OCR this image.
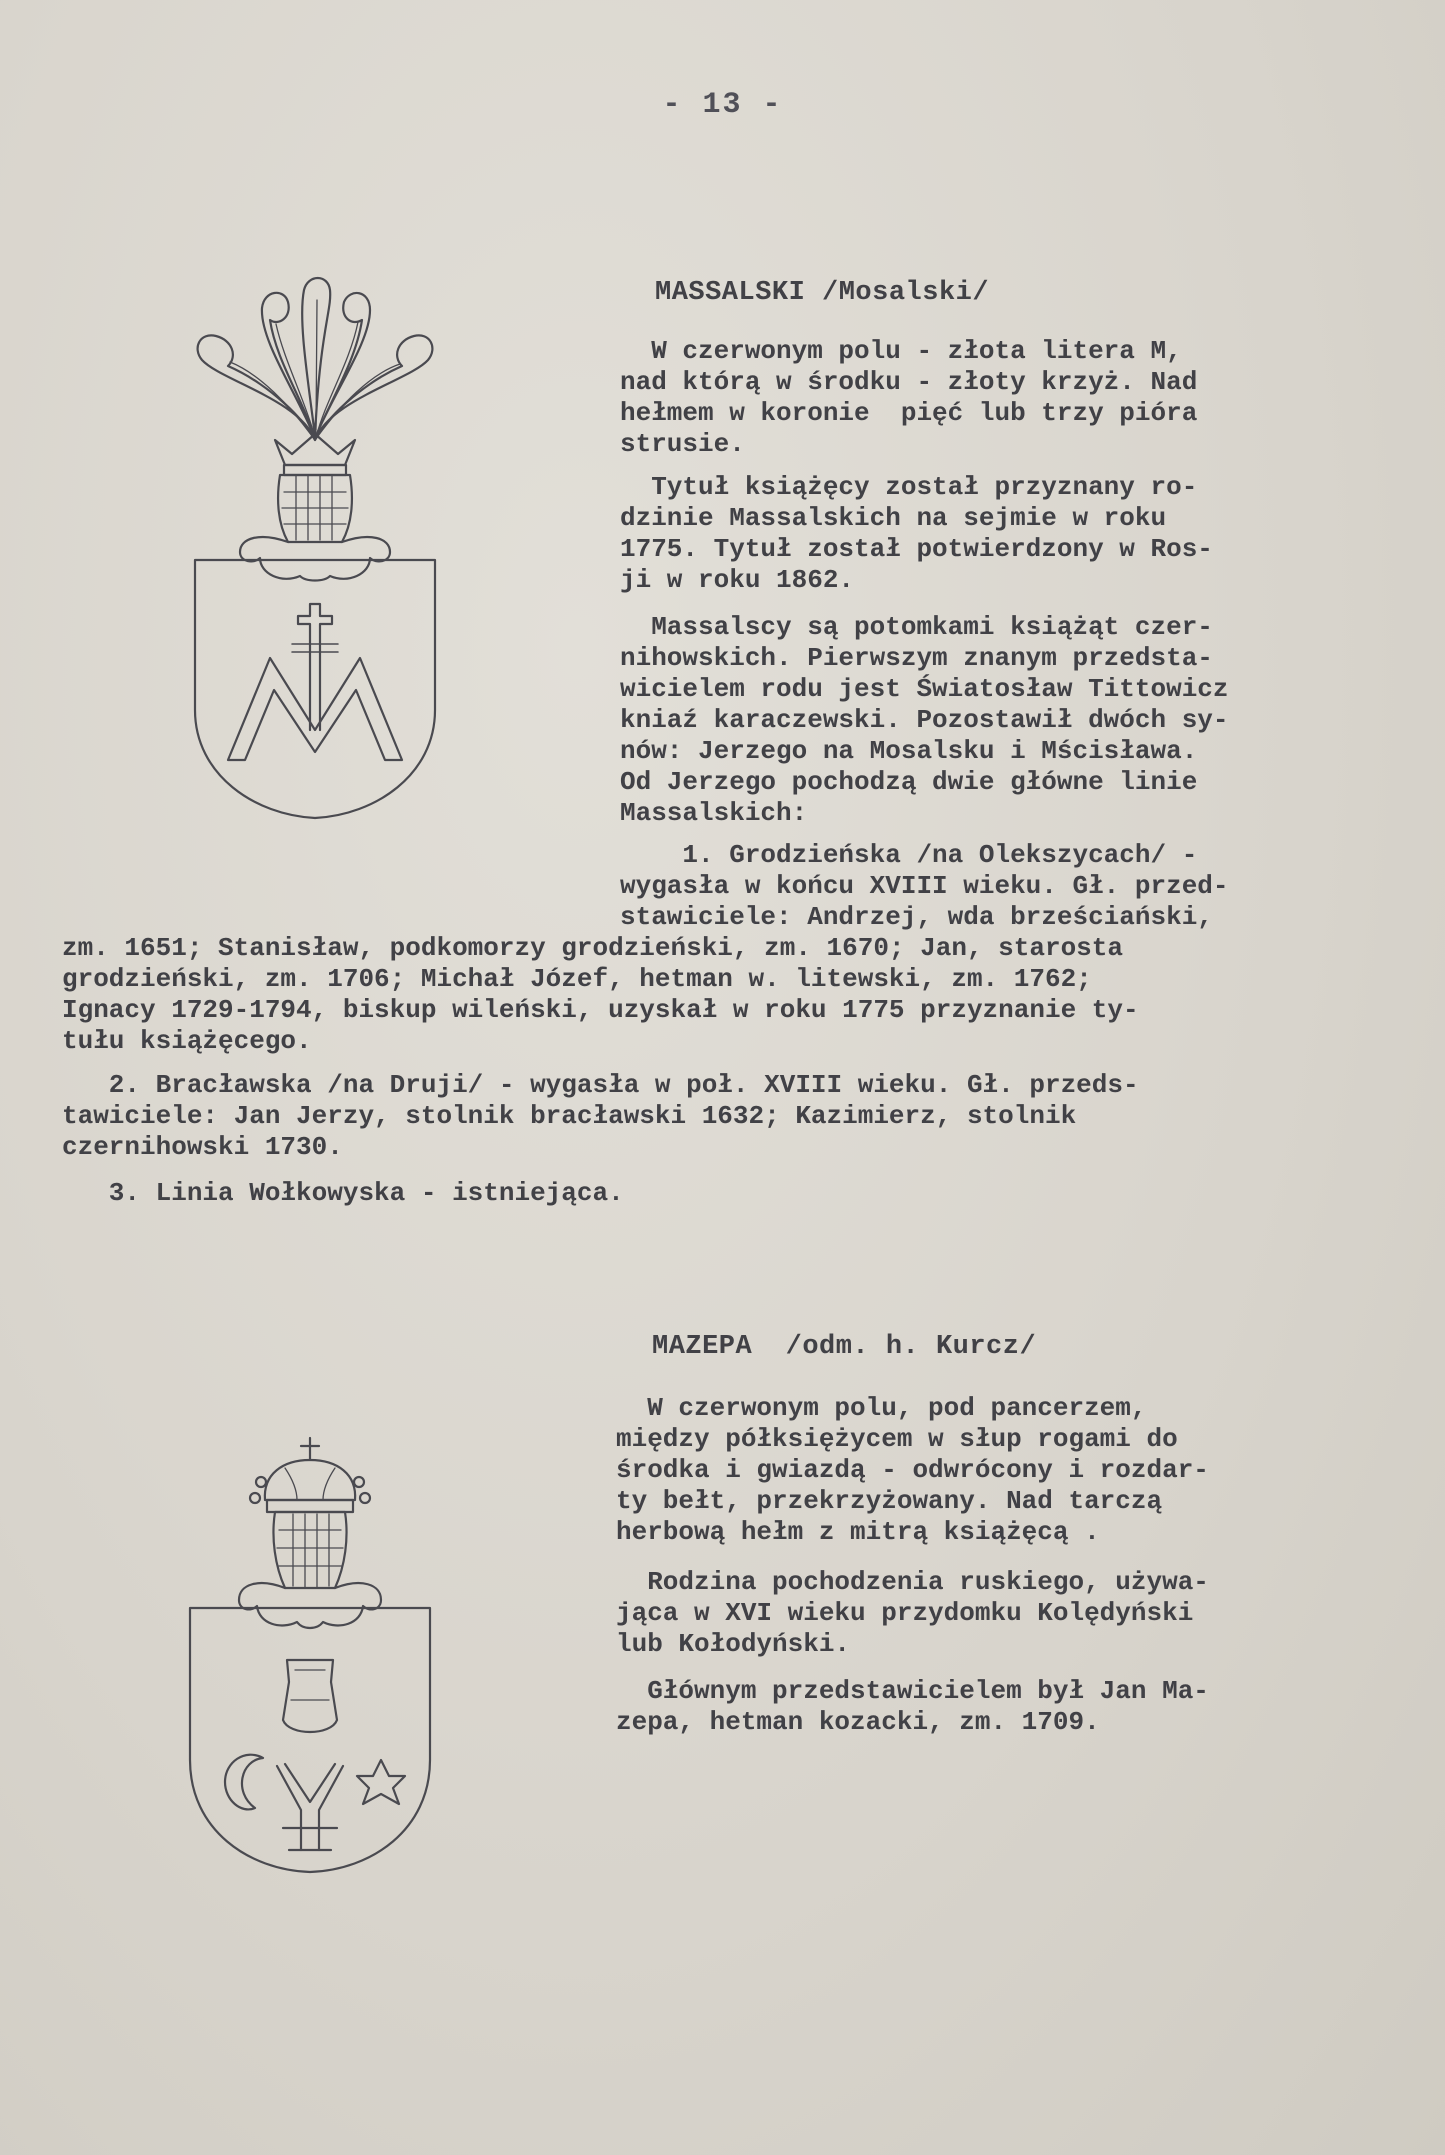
- 13 -
MASSALSKI /Mosalski/
W czerwonym polu - złota litera M,
nad którą w środku - złoty krzyż. Nad
hełmem w koronie  pięć lub trzy pióra
strusie.
Tytuł książęcy został przyznany ro-
dzinie Massalskich na sejmie w roku
1775. Tytuł został potwierdzony w Ros-
ji w roku 1862.
Massalscy są potomkami książąt czer-
nihowskich. Pierwszym znanym przedsta-
wicielem rodu jest Światosław Tittowicz
kniaź karaczewski. Pozostawił dwóch sy-
nów: Jerzego na Mosalsku i Mścisława.
Od Jerzego pochodzą dwie główne linie
Massalskich:
1. Grodzieńska /na Olekszycach/ -
wygasła w końcu XVIII wieku. Gł. przed-
stawiciele: Andrzej, wda brześciański,
zm. 1651; Stanisław, podkomorzy grodzieński, zm. 1670; Jan, starosta
grodzieński, zm. 1706; Michał Józef, hetman w. litewski, zm. 1762;
Ignacy 1729-1794, biskup wileński, uzyskał w roku 1775 przyznanie ty-
tułu książęcego.
2. Bracławska /na Druji/ - wygasła w poł. XVIII wieku. Gł. przeds-
tawiciele: Jan Jerzy, stolnik bracławski 1632; Kazimierz, stolnik
czernihowski 1730.
3. Linia Wołkowyska - istniejąca.
MAZEPA  /odm. h. Kurcz/
W czerwonym polu, pod pancerzem,
między półksiężycem w słup rogami do
środka i gwiazdą - odwrócony i rozdar-
ty bełt, przekrzyżowany. Nad tarczą
herbową hełm z mitrą książęcą .
Rodzina pochodzenia ruskiego, używa-
jąca w XVI wieku przydomku Kolędyński
lub Kołodyński.
Głównym przedstawicielem był Jan Ma-
zepa, hetman kozacki, zm. 1709.
